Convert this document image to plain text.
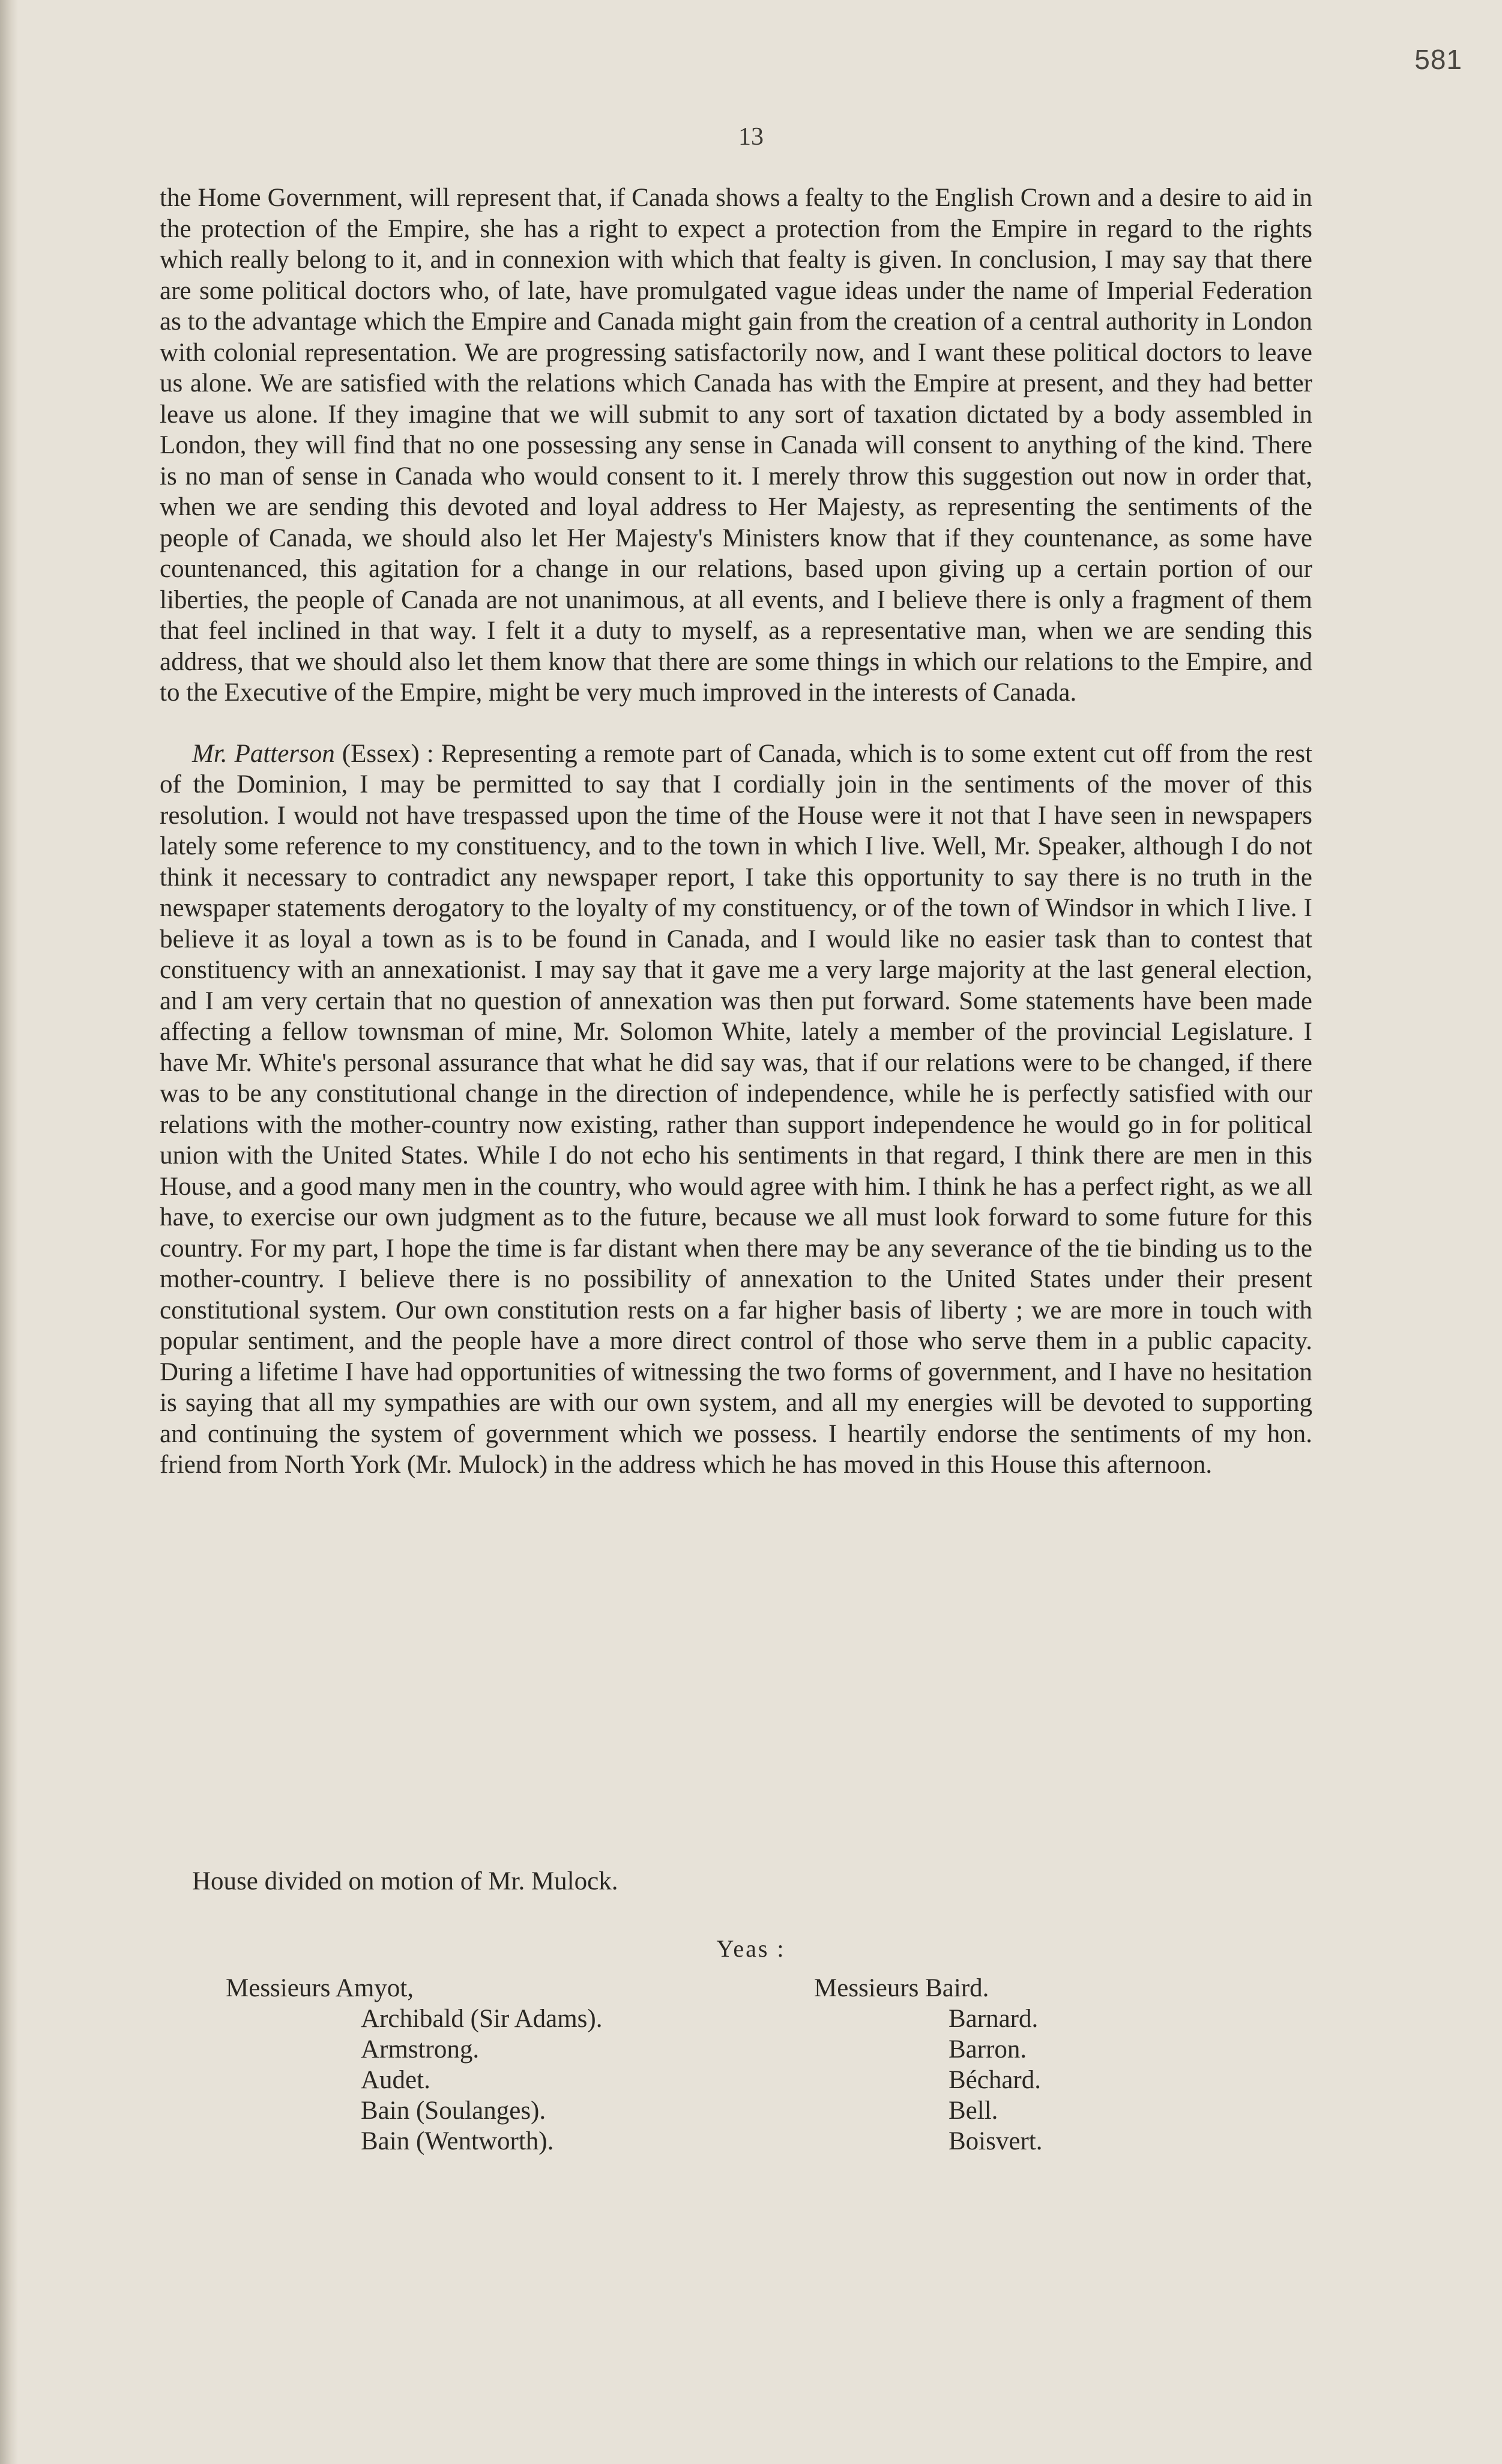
581
13

the Home Government, will represent that, if Canada shows a fealty to the English Crown and a desire to aid in the protection of the Empire, she has a right to expect a protection from the Empire in regard to the rights which really belong to it, and in connexion with which that fealty is given. In conclusion, I may say that there are some political doctors who, of late, have promulgated vague ideas under the name of Imperial Federation as to the advantage which the Empire and Canada might gain from the creation of a central authority in London with colonial representation. We are progressing satisfactorily now, and I want these political doctors to leave us alone. We are satisfied with the relations which Canada has with the Empire at present, and they had better leave us alone. If they imagine that we will submit to any sort of taxation dictated by a body assembled in London, they will find that no one possessing any sense in Canada will consent to anything of the kind. There is no man of sense in Canada who would consent to it. I merely throw this suggestion out now in order that, when we are sending this devoted and loyal address to Her Majesty, as representing the sentiments of the people of Canada, we should also let Her Majesty's Ministers know that if they countenance, as some have countenanced, this agitation for a change in our relations, based upon giving up a certain portion of our liberties, the people of Canada are not unanimous, at all events, and I believe there is only a fragment of them that feel inclined in that way. I felt it a duty to myself, as a representative man, when we are sending this address, that we should also let them know that there are some things in which our relations to the Empire, and to the Executive of the Empire, might be very much improved in the interests of Canada.

Mr. Patterson (Essex) : Representing a remote part of Canada, which is to some extent cut off from the rest of the Dominion, I may be permitted to say that I cordially join in the sentiments of the mover of this resolution. I would not have trespassed upon the time of the House were it not that I have seen in newspapers lately some reference to my constituency, and to the town in which I live. Well, Mr. Speaker, although I do not think it necessary to contradict any newspaper report, I take this opportunity to say there is no truth in the newspaper statements derogatory to the loyalty of my constituency, or of the town of Windsor in which I live. I believe it as loyal a town as is to be found in Canada, and I would like no easier task than to contest that constituency with an annexationist. I may say that it gave me a very large majority at the last general election, and I am very certain that no question of annexation was then put forward. Some statements have been made affecting a fellow townsman of mine, Mr. Solomon White, lately a member of the provincial Legislature. I have Mr. White's personal assurance that what he did say was, that if our relations were to be changed, if there was to be any constitutional change in the direction of independence, while he is perfectly satisfied with our relations with the mother-country now existing, rather than support independence he would go in for political union with the United States. While I do not echo his sentiments in that regard, I think there are men in this House, and a good many men in the country, who would agree with him. I think he has a perfect right, as we all have, to exercise our own judgment as to the future, because we all must look forward to some future for this country. For my part, I hope the time is far distant when there may be any severance of the tie binding us to the mother-country. I believe there is no possibility of annexation to the United States under their present constitutional system. Our own constitution rests on a far higher basis of liberty ; we are more in touch with popular sentiment, and the people have a more direct control of those who serve them in a public capacity. During a lifetime I have had opportunities of witnessing the two forms of government, and I have no hesitation is saying that all my sympathies are with our own system, and all my energies will be devoted to supporting and continuing the system of government which we possess. I heartily endorse the sentiments of my hon. friend from North York (Mr. Mulock) in the address which he has moved in this House this afternoon.

House divided on motion of Mr. Mulock.
Yeas :
Messieurs Amyot,
Archibald (Sir Adams).
Armstrong.
Audet.
Bain (Soulanges).
Bain (Wentworth).
Messieurs Baird.
Barnard.
Barron.
Béchard.
Bell.
Boisvert.
